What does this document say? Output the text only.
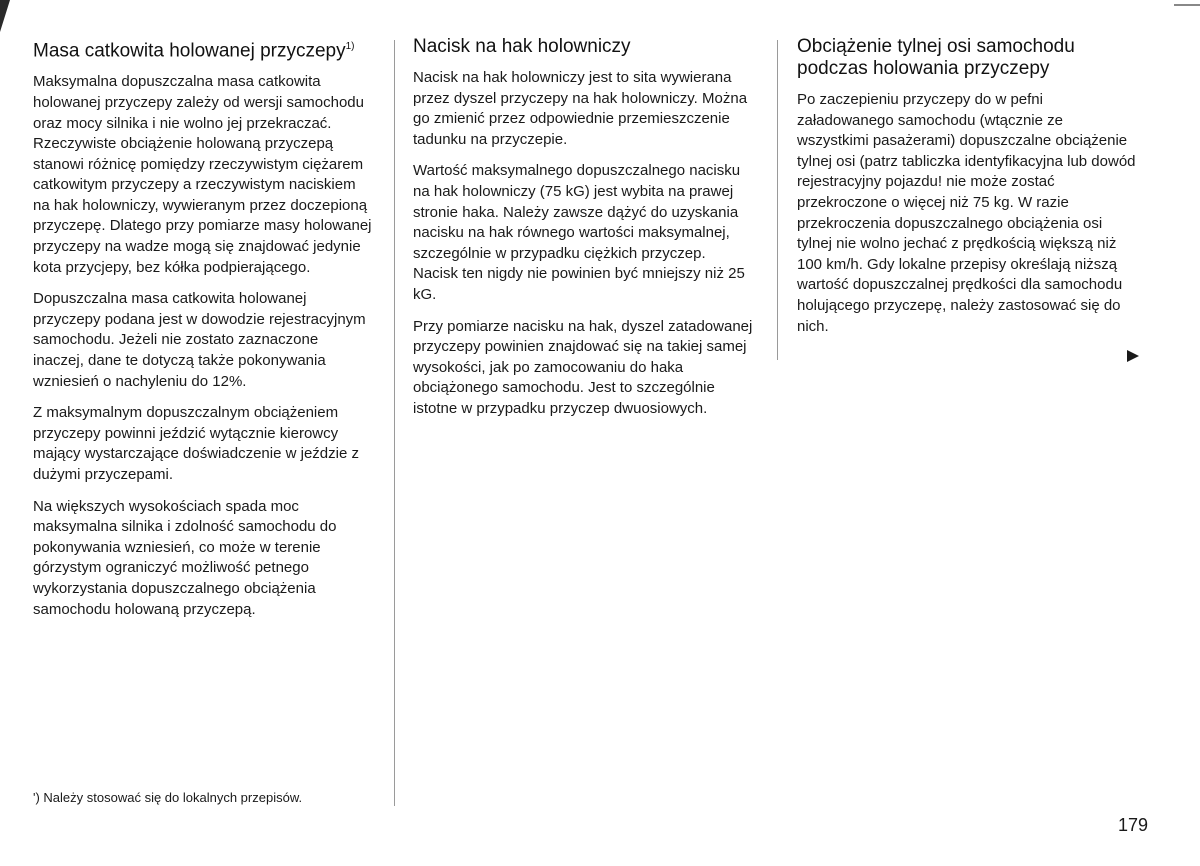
Masa catkowita holowanej przyczepy$^{1)}$

Maksymalna dopuszczalna masa catkowita holowanej przyczepy zależy od wersji samochodu oraz mocy silnika i nie wolno jej przekraczać. Rzeczywiste obciążenie holowaną przyczepą stanowi różnicę pomiędzy rzeczywistym ciężarem catkowitym przyczepy a rzeczywistym naciskiem na hak holowniczy, wywieranym przez doczepioną przyczepę. Dlatego przy pomiarze masy holowanej przyczepy na wadze mogą się znajdować jedynie kota przycjepy, bez kółka podpierającego.

Dopuszczalna masa catkowita holowanej przyczepy podana jest w dowodzie rejestracyjnym samochodu. Jeżeli nie zostato zaznaczone inaczej, dane te dotyczą także pokonywania wzniesień o nachyleniu do 12%.

Z maksymalnym dopuszczalnym obciążeniem przyczepy powinni jeździć wytącznie kierowcy mający wystarczające doświadczenie w jeździe z dużymi przyczepami.

Na większych wysokościach spada moc maksymalna silnika i zdolność samochodu do pokonywania wzniesień, co może w terenie górzystym ograniczyć możliwość petnego wykorzystania dopuszczalnego obciążenia samochodu holowaną przyczepą.

Nacisk na hak holowniczy

Nacisk na hak holowniczy jest to sita wywierana przez dyszel przyczepy na hak holowniczy. Można go zmienić przez odpowiednie przemieszczenie tadunku na przyczepie.

Wartość maksymalnego dopuszczalnego nacisku na hak holowniczy (75 kG) jest wybita na prawej stronie haka. Należy zawsze dążyć do uzyskania nacisku na hak równego wartości maksymalnej, szczególnie w przypadku ciężkich przyczep. Nacisk ten nigdy nie powinien być mniejszy niż 25 kG.

Przy pomiarze nacisku na hak, dyszel zatadowanej przyczepy powinien znajdować się na takiej samej wysokości, jak po zamocowaniu do haka obciążonego samochodu. Jest to szczególnie istotne w przypadku przyczep dwuosiowych.

Obciążenie tylnej osi samochodu podczas holowania przyczepy

Po zaczepieniu przyczepy do w pefni załadowanego samochodu (wtącznie ze wszystkimi pasażerami) dopuszczalne obciążenie tylnej osi (patrz tabliczka identyfikacyjna lub dowód rejestracyjny pojazdu! nie może zostać przekroczone o więcej niż 75 kg. W razie przekroczenia dopuszczalnego obciążenia osi tylnej nie wolno jechać z prędkością większą niż 100 km/h. Gdy lokalne przepisy określają niższą wartość dopuszczalnej prędkości dla samochodu holującego przyczepę, należy zastosować się do nich.

') Należy stosować się do lokalnych przepisów.

179
